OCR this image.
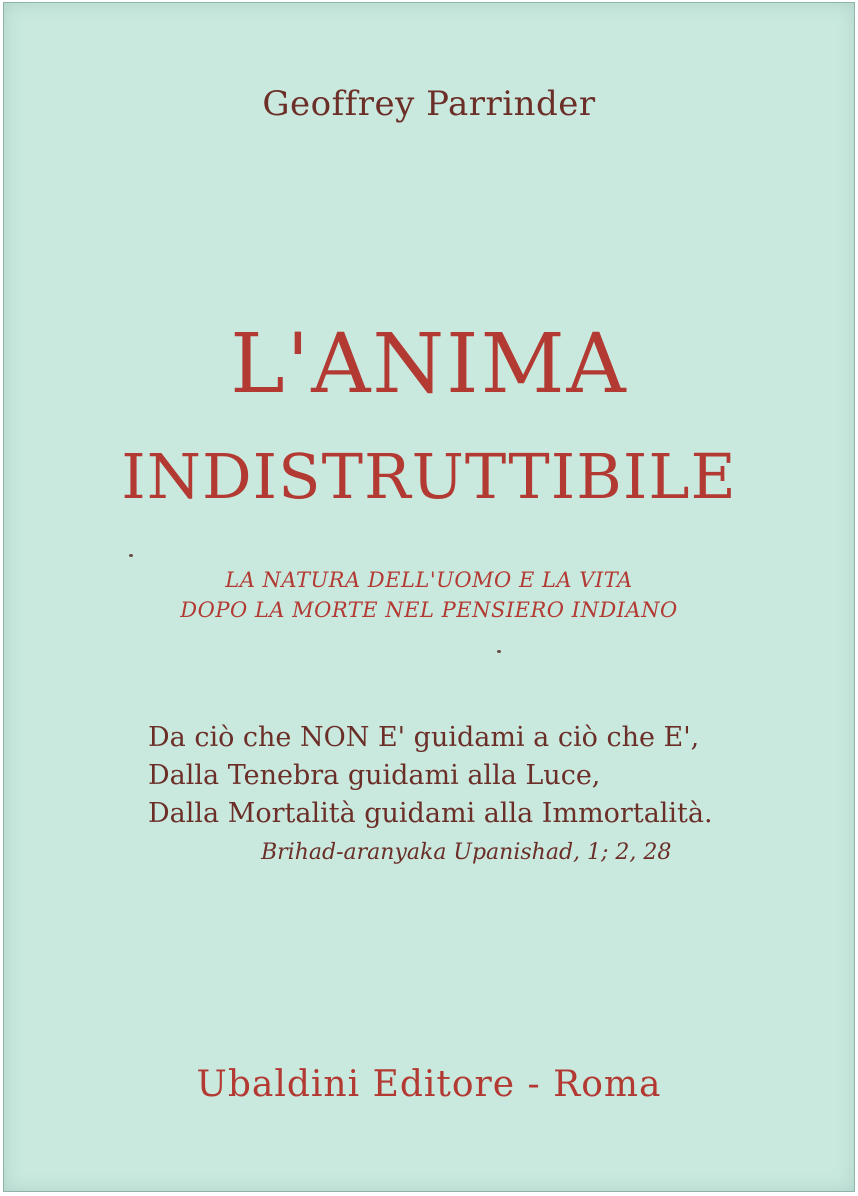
Geoffrey Parrinder
L'ANIMA
INDISTRUTTIBILE
LA NATURA DELL'UOMO E LA VITA
DOPO LA MORTE NEL PENSIERO INDIANO
Da ciò che NON E' guidami a ciò che E',
Dalla Tenebra guidami alla Luce,
Dalla Mortalità guidami alla Immortalità.
Brihad-aranyaka Upanishad, 1; 2, 28
Ubaldini Editore - Roma
